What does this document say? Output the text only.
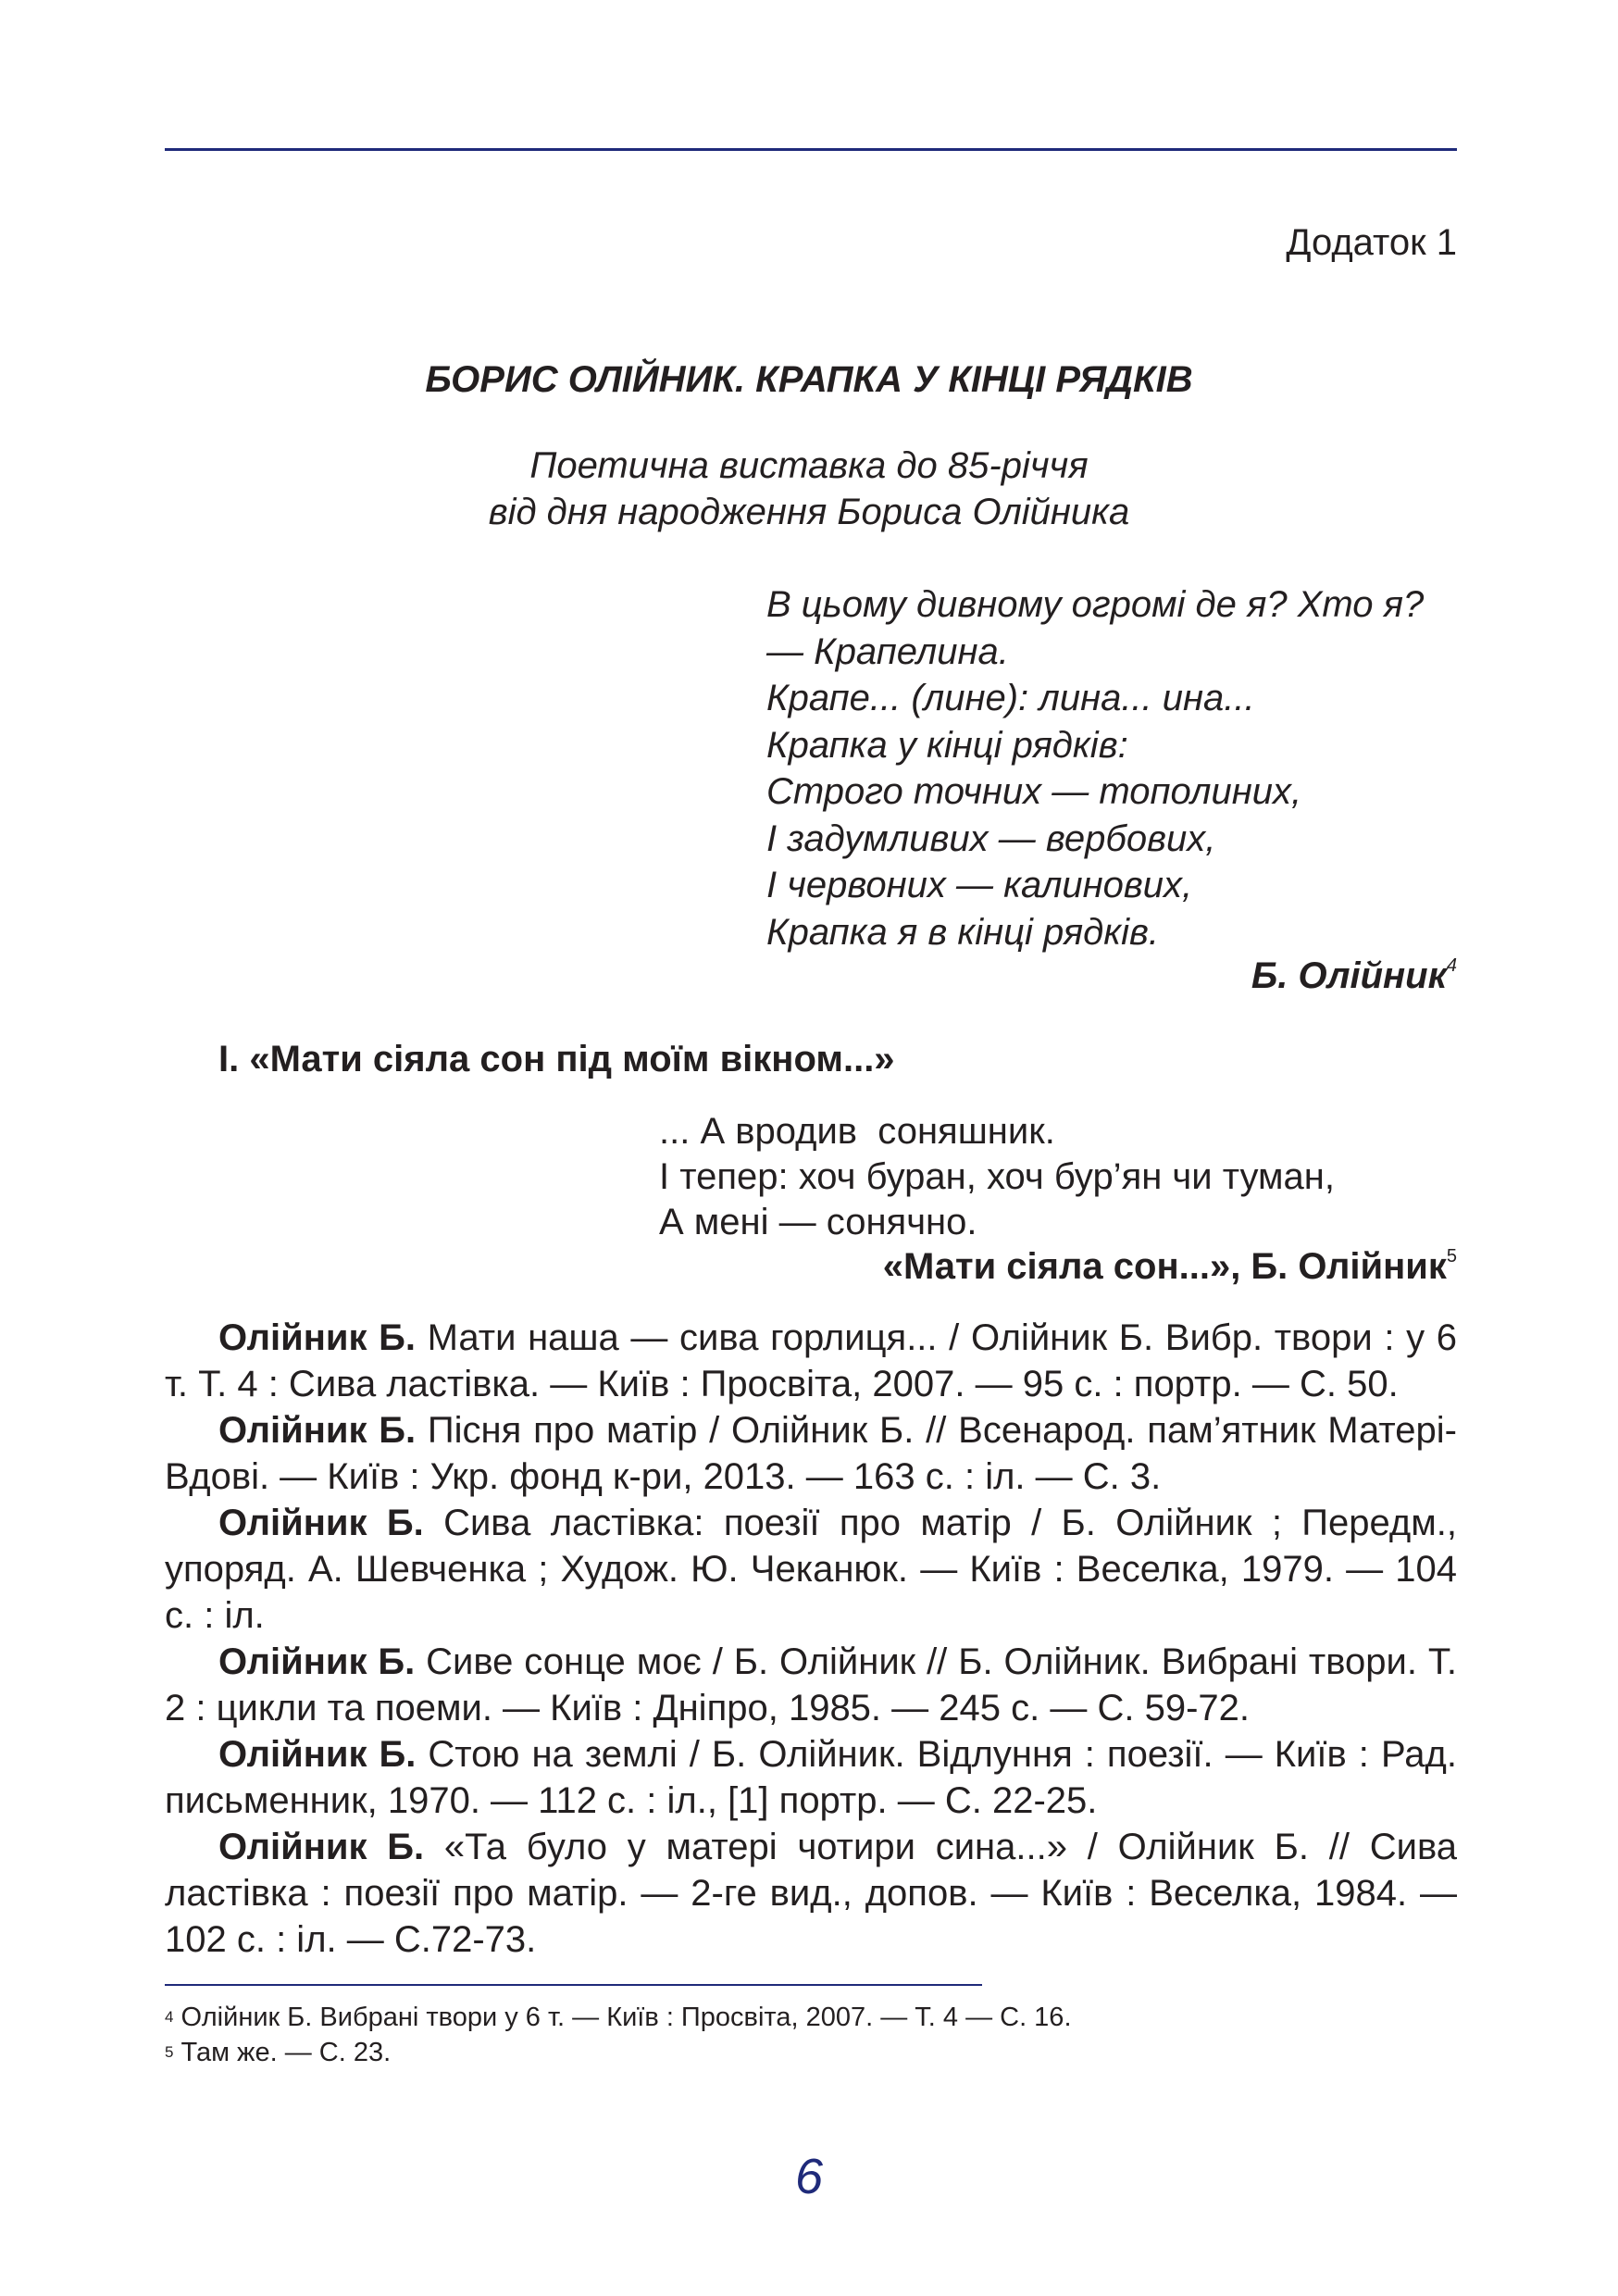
Додаток 1
БОРИС ОЛІЙНИК. КРАПКА У КІНЦІ РЯДКІВ
Поетична виставка до 85-річчя
від дня народження Бориса Олійника
В цьому дивному огромі де я? Хто я?
— Крапелина.
Крапе... (лине): лина... ина...
Крапка у кінці рядків:
Строго точних — тополиних,
І задумливих — вербових,
І червоних — калинових,
Крапка я в кінці рядків.
Б. Олійник$^4$
І. «Мати сіяла сон під моїм вікном...»
... А вродив  соняшник.
І тепер: хоч буран, хоч бур’ян чи туман,
А мені — сонячно.
«Мати сіяла сон...», Б. Олійник$^5$

Олійник Б. Мати наша — сива горлиця... / Олійник Б. Вибр. твори : у 6 т. Т. 4 : Сива ластівка. — Київ : Просвіта, 2007. — 95 с. : портр. — С. 50.

Олійник Б. Пісня про матір / Олійник Б. // Всенарод. пам’ятник Матері-Вдові. — Київ : Укр. фонд к-ри, 2013. — 163 с. : іл. — С. 3.

Олійник Б. Сива ластівка: поезії про матір / Б. Олійник ; Передм., упоряд. А. Шевченка ; Худож. Ю. Чеканюк. — Київ : Веселка, 1979. — 104 с. : іл.

Олійник Б. Сиве сонце моє / Б. Олійник // Б. Олійник. Вибрані твори. Т. 2 : цикли та поеми. — Київ : Дніпро, 1985. — 245 с. — С. 59-72.

Олійник Б. Стою на землі / Б. Олійник. Відлуння : поезії. — Київ : Рад. письменник, 1970. — 112 с. : іл., [1] портр. — С. 22-25.

Олійник Б. «Та було у матері чотири сина...» / Олійник Б. // Сива ластівка : поезії про матір. — 2-ге вид., допов. — Київ : Веселка, 1984. — 102 с. : іл. — С.72-73.

$^4$ Олійник Б. Вибрані твори у 6 т. — Київ : Просвіта, 2007. — Т. 4 — С. 16.
$^5$ Там же. — С. 23.
6
